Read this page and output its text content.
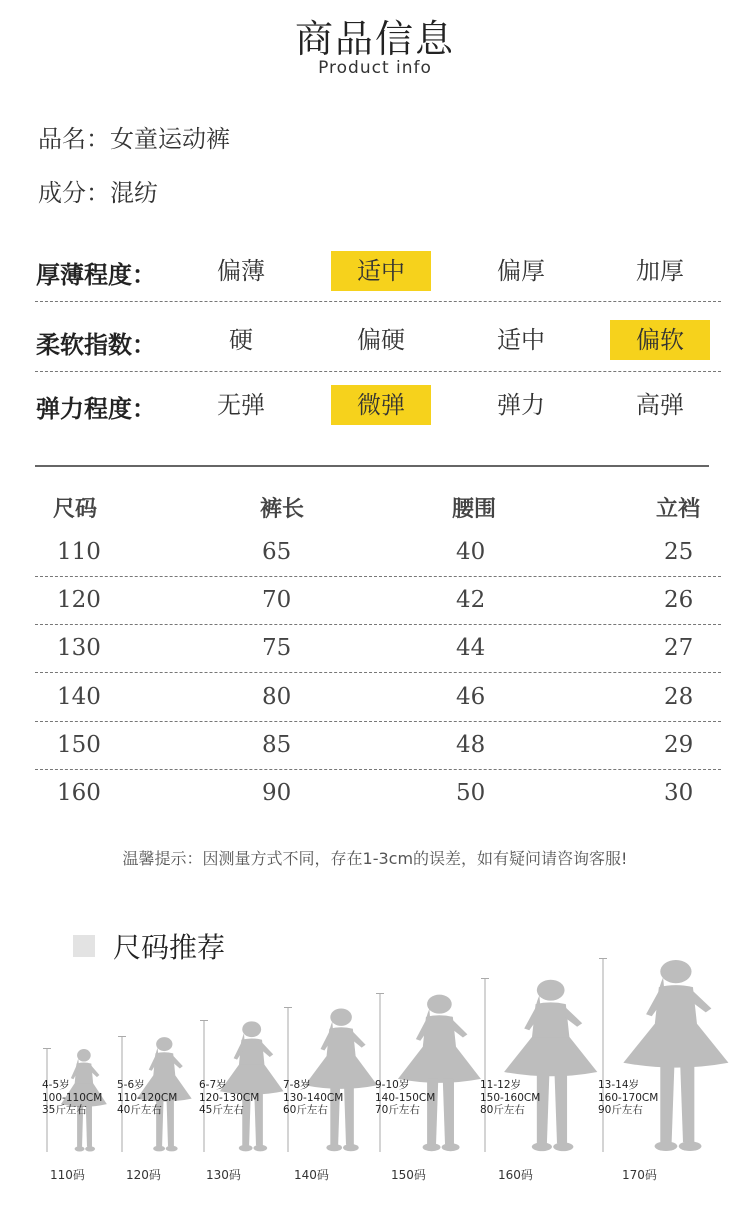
商品信息
Product info
品名：女童运动裤
成分：混纺
厚薄程度：	偏薄	适中	偏厚	加厚
柔软指数：	硬	偏硬	适中	偏软
弹力程度：	无弹	微弹	弹力	高弹
尺码	裤长	腰围	立裆
110	65	40	25
120	70	42	26
130	75	44	27
140	80	46	28
150	85	48	29
160	90	50	30
温馨提示：因测量方式不同，存在1-3cm的误差，如有疑问请咨询客服!
尺码推荐
4-5岁
100-110CM
35斤左右
110码
5-6岁
110-120CM
40斤左右
120码
6-7岁
120-130CM
45斤左右
130码
7-8岁
130-140CM
60斤左右
140码
9-10岁
140-150CM
70斤左右
150码
11-12岁
150-160CM
80斤左右
160码
13-14岁
160-170CM
90斤左右
170码
